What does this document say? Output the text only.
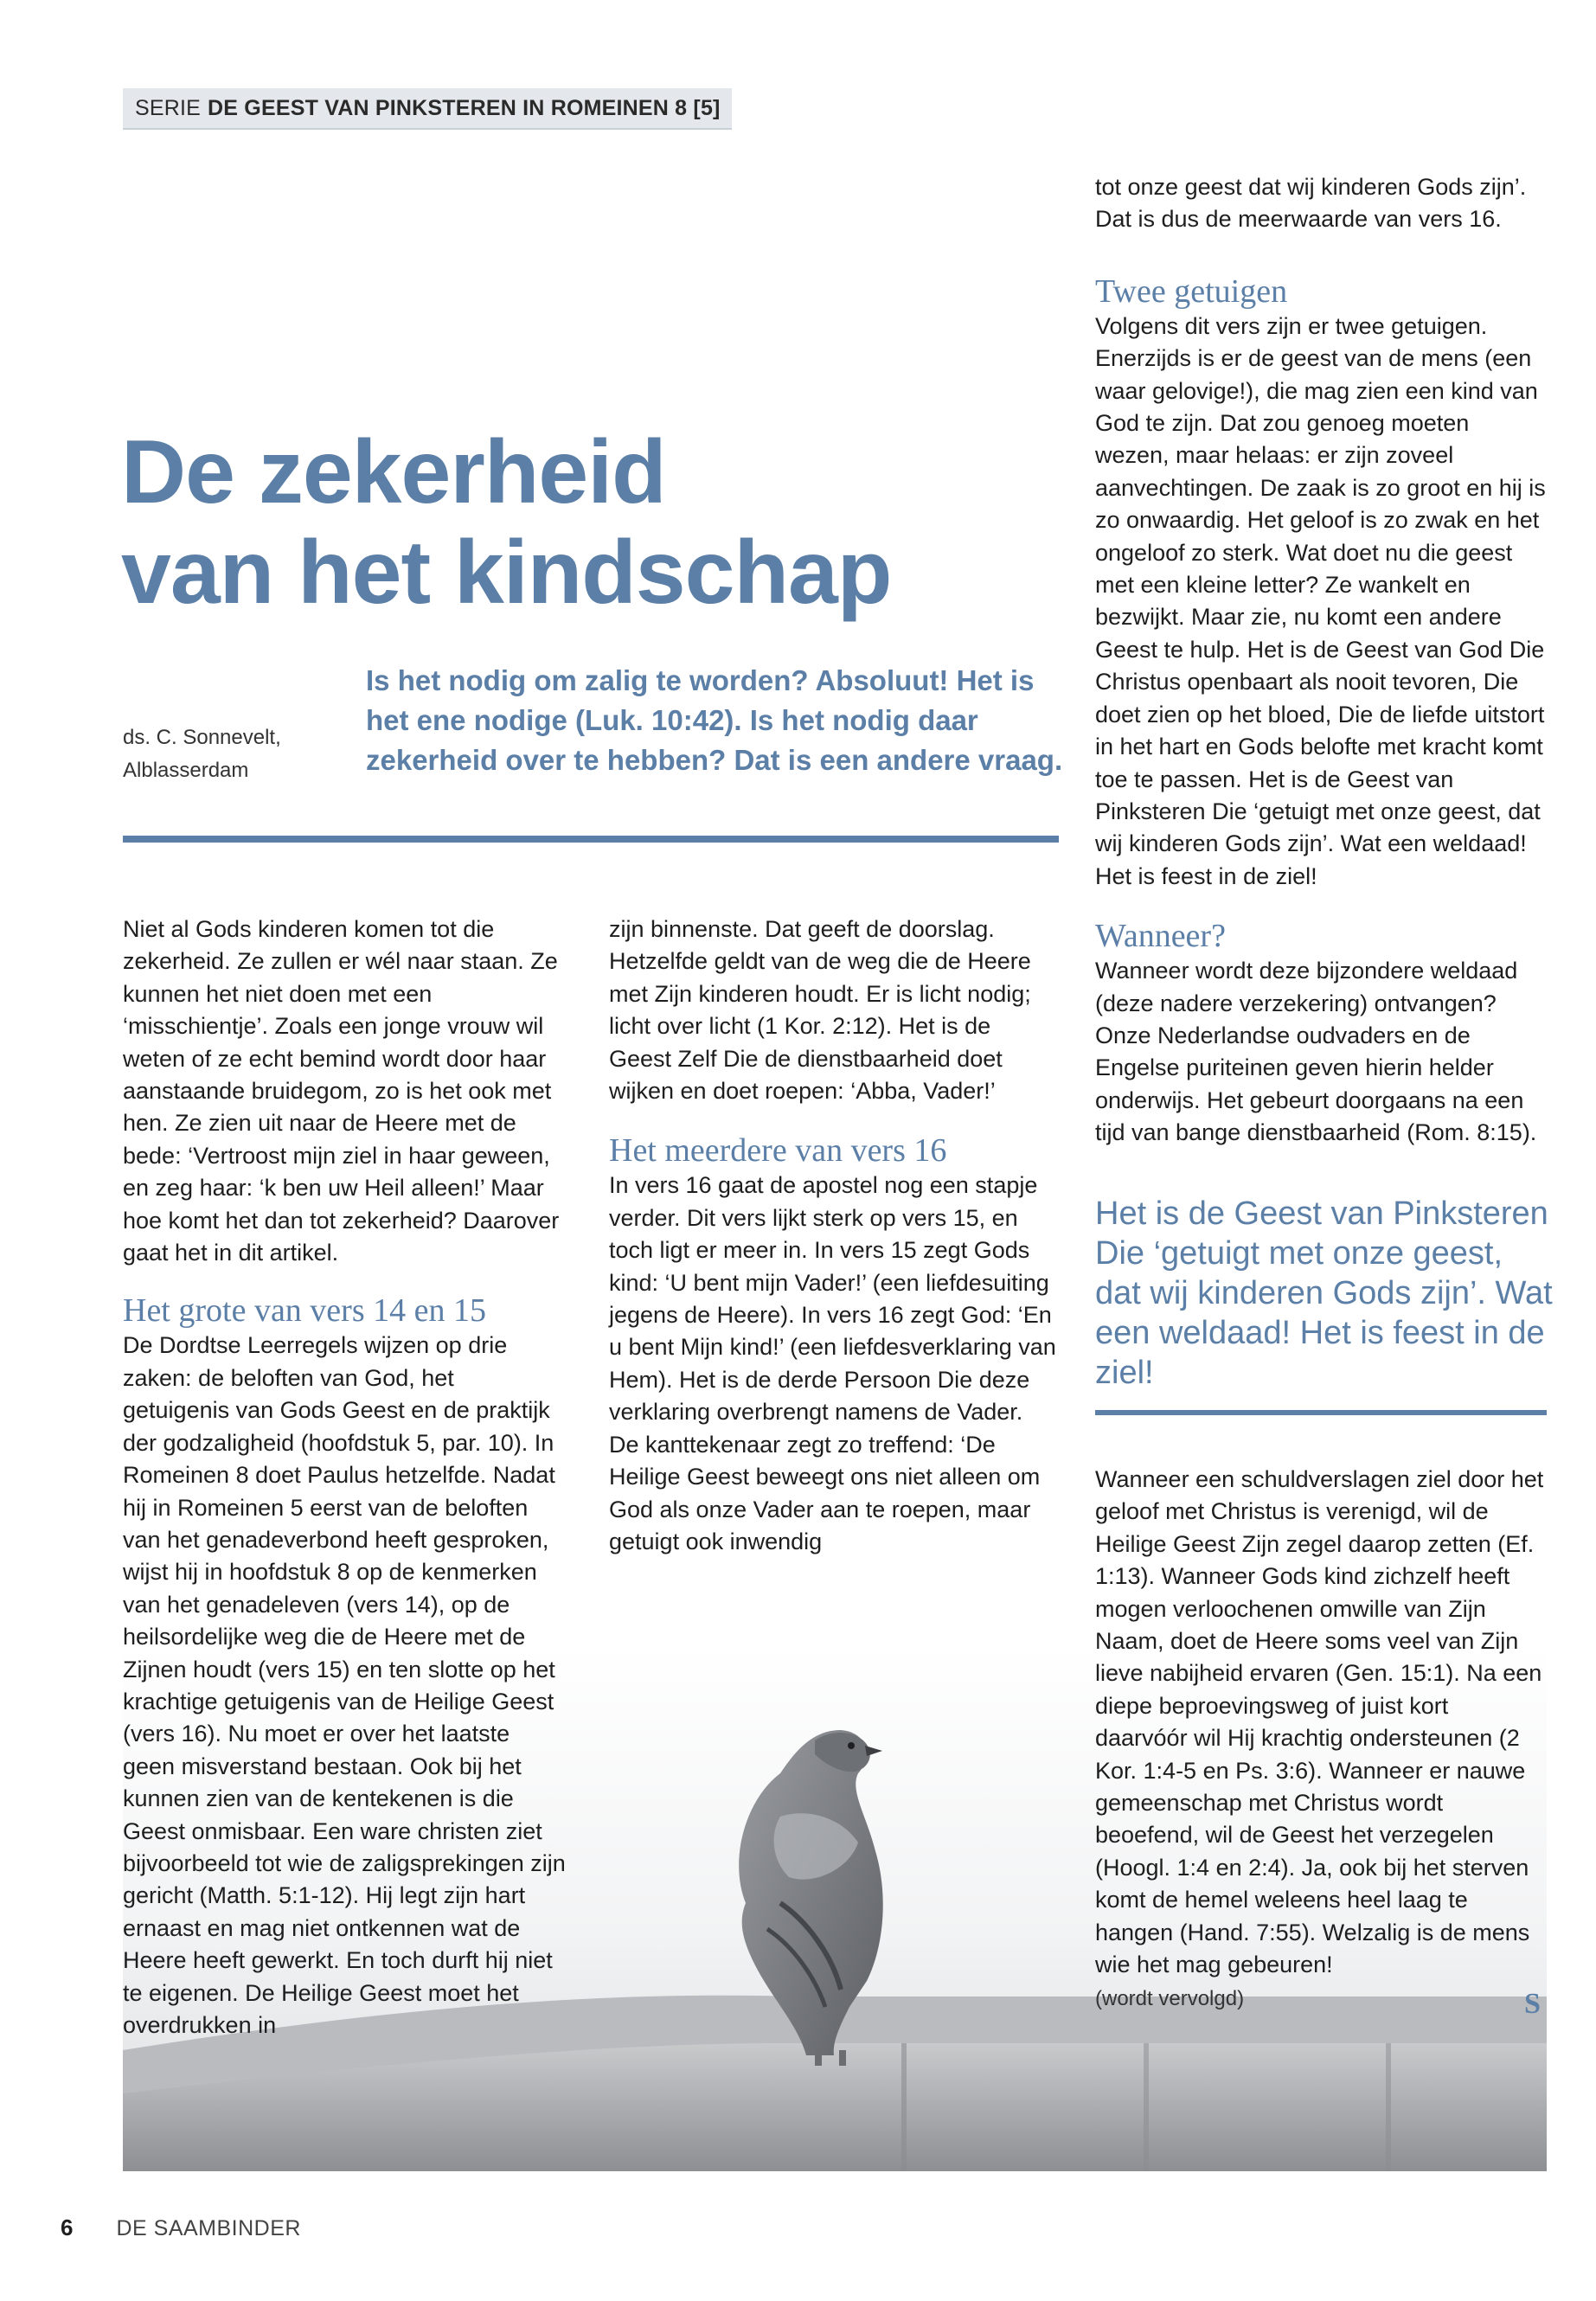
SERIE DE GEEST VAN PINKSTEREN IN ROMEINEN 8 [5]
De zekerheid
van het kindschap
ds. C. Sonnevelt,
Alblasserdam
Is het nodig om zalig te worden? Absoluut! Het is het ene nodige (Luk. 10:42). Is het nodig daar zekerheid over te hebben? Dat is een andere vraag.

Niet al Gods kinderen komen tot die zekerheid. Ze zullen er wél naar staan. Ze kunnen het niet doen met een ‘misschientje’. Zoals een jonge vrouw wil weten of ze echt bemind wordt door haar aanstaande bruidegom, zo is het ook met hen. Ze zien uit naar de Heere met de bede: ‘Vertroost mijn ziel in haar geween, en zeg haar: ‘k ben uw Heil alleen!’ Maar hoe komt het dan tot zekerheid? Daarover gaat het in dit artikel.

Het grote van vers 14 en 15

De Dordtse Leerregels wijzen op drie zaken: de beloften van God, het getuigenis van Gods Geest en de praktijk der godzaligheid (hoofdstuk 5, par. 10). In Romeinen 8 doet Paulus hetzelfde. Nadat hij in Romeinen 5 eerst van de beloften van het genadeverbond heeft gesproken, wijst hij in hoofdstuk 8 op de kenmerken van het genadeleven (vers 14), op de heilsordelijke weg die de Heere met de Zijnen houdt (vers 15) en ten slotte op het krachtige getuigenis van de Heilige Geest (vers 16). Nu moet er over het laatste geen misverstand bestaan. Ook bij het kunnen zien van de kentekenen is die Geest onmisbaar. Een ware christen ziet bijvoorbeeld tot wie de zaligsprekingen zijn gericht (Matth. 5:1-12). Hij legt zijn hart ernaast en mag niet ontkennen wat de Heere heeft gewerkt. En toch durft hij niet te eigenen. De Heilige Geest moet het overdrukken in

zijn binnenste. Dat geeft de doorslag. Hetzelfde geldt van de weg die de Heere met Zijn kinderen houdt. Er is licht nodig; licht over licht (1 Kor. 2:12). Het is de Geest Zelf Die de dienstbaarheid doet wijken en doet roepen: ‘Abba, Vader!’

Het meerdere van vers 16

In vers 16 gaat de apostel nog een stapje verder. Dit vers lijkt sterk op vers 15, en toch ligt er meer in. In vers 15 zegt Gods kind: ‘U bent mijn Vader!’ (een liefdesuiting jegens de Heere). In vers 16 zegt God: ‘En u bent Mijn kind!’ (een liefdesverklaring van Hem). Het is de derde Persoon Die deze verklaring overbrengt namens de Vader. De kanttekenaar zegt zo treffend: ‘De Heilige Geest beweegt ons niet alleen om God als onze Vader aan te roepen, maar getuigt ook inwendig

tot onze geest dat wij kinderen Gods zijn’. Dat is dus de meerwaarde van vers 16.

Twee getuigen

Volgens dit vers zijn er twee getuigen. Enerzijds is er de geest van de mens (een waar gelovige!), die mag zien een kind van God te zijn. Dat zou genoeg moeten wezen, maar helaas: er zijn zoveel aanvechtingen. De zaak is zo groot en hij is zo onwaardig. Het geloof is zo zwak en het ongeloof zo sterk. Wat doet nu die geest met een kleine letter? Ze wankelt en bezwijkt. Maar zie, nu komt een andere Geest te hulp. Het is de Geest van God Die Christus openbaart als nooit tevoren, Die doet zien op het bloed, Die de liefde uitstort in het hart en Gods belofte met kracht komt toe te passen. Het is de Geest van Pinksteren Die ‘getuigt met onze geest, dat wij kinderen Gods zijn’. Wat een weldaad! Het is feest in de ziel!

Wanneer?

Wanneer wordt deze bijzondere weldaad (deze nadere verzekering) ontvangen? Onze Nederlandse oudvaders en de Engelse puriteinen geven hierin helder onderwijs. Het gebeurt doorgaans na een tijd van bange dienstbaarheid (Rom. 8:15).

Het is de Geest van Pinksteren Die ‘getuigt met onze geest, dat wij kinderen Gods zijn’. Wat een weldaad! Het is feest in de ziel!

Wanneer een schuldverslagen ziel door het geloof met Christus is verenigd, wil de Heilige Geest Zijn zegel daarop zetten (Ef. 1:13). Wanneer Gods kind zichzelf heeft mogen verloochenen omwille van Zijn Naam, doet de Heere soms veel van Zijn lieve nabijheid ervaren (Gen. 15:1). Na een diepe beproevingsweg of juist kort daarvóór wil Hij krachtig ondersteunen (2 Kor. 1:4-5 en Ps. 3:6). Wanneer er nauwe gemeenschap met Christus wordt beoefend, wil de Geest het verzegelen (Hoogl. 1:4 en 2:4). Ja, ook bij het sterven komt de hemel weleens heel laag te hangen (Hand. 7:55). Welzalig is de mens wie het mag gebeuren!

(wordt vervolgd)	S
6 DE SAAMBINDER
